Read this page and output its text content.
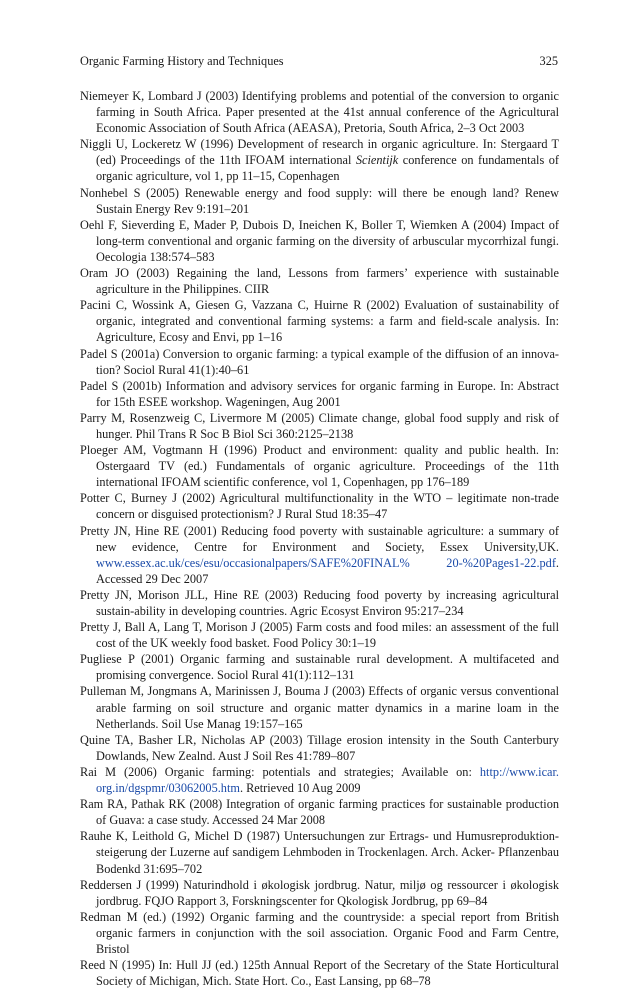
Organic Farming History and Techniques	325

Niemeyer K, Lombard J (2003) Identifying problems and potential of the conversion to organic farming in South Africa. Paper presented at the 41st annual conference of the Agricultural Economic Association of South Africa (AEASA), Pretoria, South Africa, 2–3 Oct 2003

Niggli U, Lockeretz W (1996) Development of research in organic agriculture. In: Stergaard T (ed) Proceedings of the 11th IFOAM international Scientijk conference on fundamentals of organic agriculture, vol 1, pp 11–15, Copenhagen

Nonhebel S (2005) Renewable energy and food supply: will there be enough land? Renew Sustain Energy Rev 9:191–201

Oehl F, Sieverding E, Mader P, Dubois D, Ineichen K, Boller T, Wiemken A (2004) Impact of long-term conventional and organic farming on the diversity of arbuscular mycorrhizal fungi. Oecologia 138:574–583

Oram JO (2003) Regaining the land, Lessons from farmers’ experience with sustainable agriculture in the Philippines. CIIR

Pacini C, Wossink A, Giesen G, Vazzana C, Huirne R (2002) Evaluation of sustainability of organic, integrated and conventional farming systems: a farm and field-scale analysis. In: Agriculture, Ecosy and Envi, pp 1–16

Padel S (2001a) Conversion to organic farming: a typical example of the diffusion of an innova-tion? Sociol Rural 41(1):40–61

Padel S (2001b) Information and advisory services for organic farming in Europe. In: Abstract for 15th ESEE workshop. Wageningen, Aug 2001

Parry M, Rosenzweig C, Livermore M (2005) Climate change, global food supply and risk of hunger. Phil Trans R Soc B Biol Sci 360:2125–2138

Ploeger AM, Vogtmann H (1996) Product and environment: quality and public health. In: Ostergaard TV (ed.) Fundamentals of organic agriculture. Proceedings of the 11th international IFOAM scientific conference, vol 1, Copenhagen, pp 176–189

Potter C, Burney J (2002) Agricultural multifunctionality in the WTO – legitimate non-trade concern or disguised protectionism? J Rural Stud 18:35–47

Pretty JN, Hine RE (2001) Reducing food poverty with sustainable agriculture: a summary of new evidence, Centre for Environment and Society, Essex University,UK. www.essex.ac.uk/ces/esu/occasionalpapers/SAFE%20FINAL% 20-%20Pages1-22.pdf. Accessed 29 Dec 2007

Pretty JN, Morison JLL, Hine RE (2003) Reducing food poverty by increasing agricultural sustain-ability in developing countries. Agric Ecosyst Environ 95:217–234

Pretty J, Ball A, Lang T, Morison J (2005) Farm costs and food miles: an assessment of the full cost of the UK weekly food basket. Food Policy 30:1–19

Pugliese P (2001) Organic farming and sustainable rural development. A multifaceted and promising convergence. Sociol Rural 41(1):112–131

Pulleman M, Jongmans A, Marinissen J, Bouma J (2003) Effects of organic versus conventional arable farming on soil structure and organic matter dynamics in a marine loam in the Netherlands. Soil Use Manag 19:157–165

Quine TA, Basher LR, Nicholas AP (2003) Tillage erosion intensity in the South Canterbury Dowlands, New Zealnd. Aust J Soil Res 41:789–807

Rai M (2006) Organic farming: potentials and strategies; Available on: http://www.icar. org.in/dgspmr/03062005.htm. Retrieved 10 Aug 2009

Ram RA, Pathak RK (2008) Integration of organic farming practices for sustainable production of Guava: a case study. Accessed 24 Mar 2008

Rauhe K, Leithold G, Michel D (1987) Untersuchungen zur Ertrags- und Humusreproduktion-steigerung der Luzerne auf sandigem Lehmboden in Trockenlagen. Arch. Acker- Pflanzenbau Bodenkd 31:695–702

Reddersen J (1999) Naturindhold i økologisk jordbrug. Natur, miljø og ressourcer i økologisk jordbrug. FQJO Rapport 3, Forskningscenter for Qkologisk Jordbrug, pp 69–84

Redman M (ed.) (1992) Organic farming and the countryside: a special report from British organic farmers in conjunction with the soil association. Organic Food and Farm Centre, Bristol

Reed N (1995) In: Hull JJ (ed.) 125th Annual Report of the Secretary of the State Horticultural Society of Michigan, Mich. State Hort. Co., East Lansing, pp 68–78
